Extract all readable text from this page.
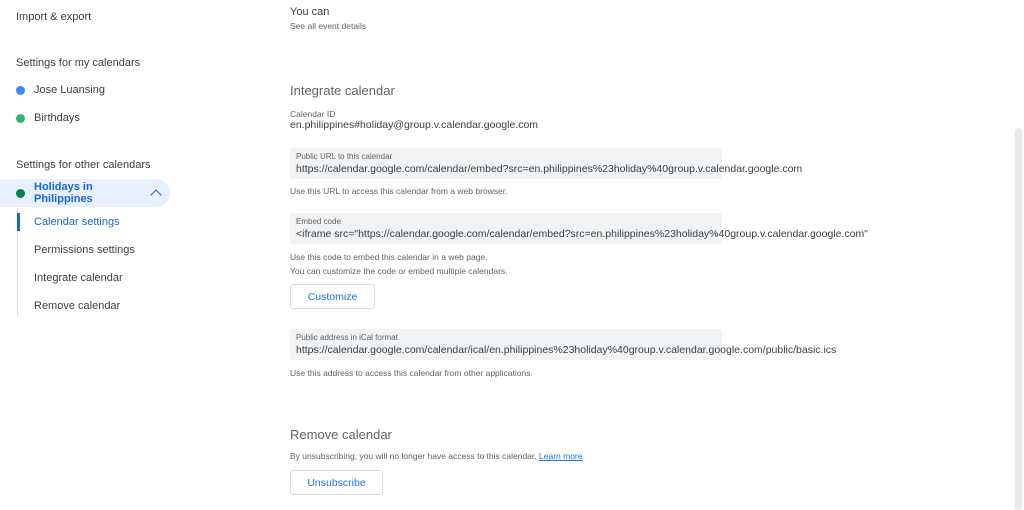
Import & export
Settings for my calendars
Jose Luansing
Birthdays
Settings for other calendars
Holidays in Philippines
Calendar settings
Permissions settings
Integrate calendar
Remove calendar
You can
See all event details
Integrate calendar
Calendar ID
en.philippines#holiday@group.v.calendar.google.com
Public URL to this calendar
https://calendar.google.com/calendar/embed?src=en.philippines%23holiday%40group.v.calendar.google.com
Use this URL to access this calendar from a web browser.
Embed code
<iframe src="https://calendar.google.com/calendar/embed?src=en.philippines%23holiday%40group.v.calendar.google.com"
Use this code to embed this calendar in a web page.
You can customize the code or embed multiple calendars.
Customize
Public address in iCal format
https://calendar.google.com/calendar/ical/en.philippines%23holiday%40group.v.calendar.google.com/public/basic.ics
Use this address to access this calendar from other applications.
Remove calendar
By unsubscribing, you will no longer have access to this calendar. Learn more
Unsubscribe
